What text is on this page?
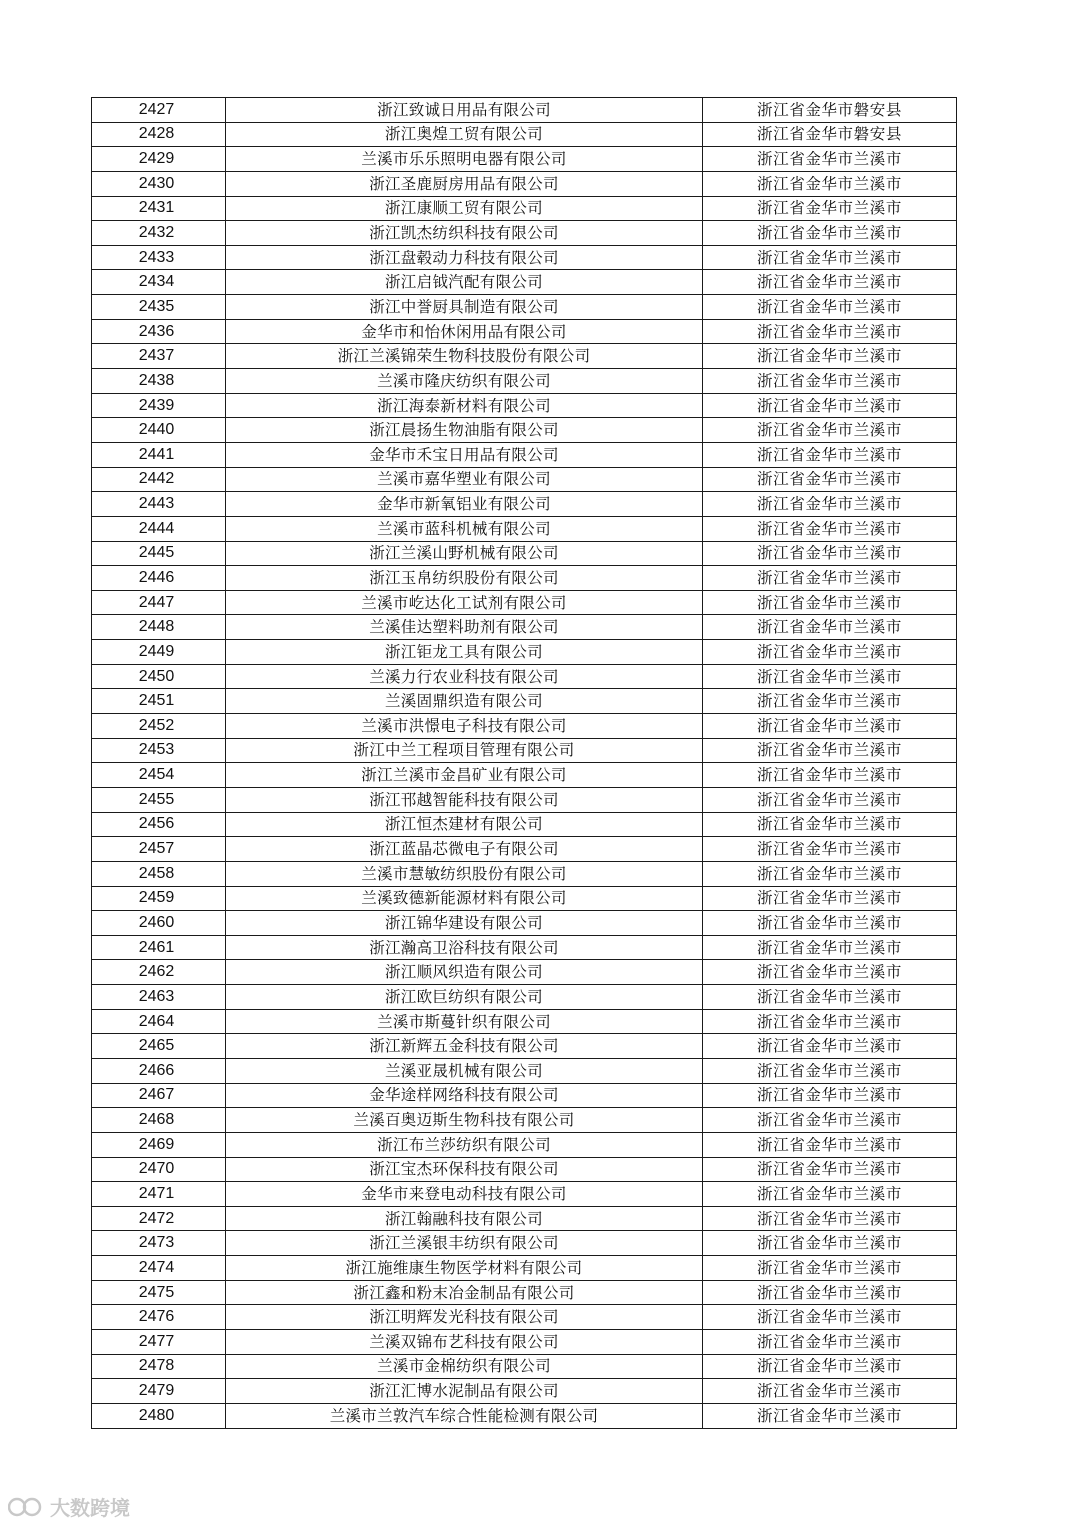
2427	浙江致诚日用品有限公司	浙江省金华市磐安县
2428	浙江奥煌工贸有限公司	浙江省金华市磐安县
2429	兰溪市乐乐照明电器有限公司	浙江省金华市兰溪市
2430	浙江圣鹿厨房用品有限公司	浙江省金华市兰溪市
2431	浙江康顺工贸有限公司	浙江省金华市兰溪市
2432	浙江凯杰纺织科技有限公司	浙江省金华市兰溪市
2433	浙江盘毂动力科技有限公司	浙江省金华市兰溪市
2434	浙江启钺汽配有限公司	浙江省金华市兰溪市
2435	浙江中誉厨具制造有限公司	浙江省金华市兰溪市
2436	金华市和怡休闲用品有限公司	浙江省金华市兰溪市
2437	浙江兰溪锦荣生物科技股份有限公司	浙江省金华市兰溪市
2438	兰溪市隆庆纺织有限公司	浙江省金华市兰溪市
2439	浙江海泰新材料有限公司	浙江省金华市兰溪市
2440	浙江晨扬生物油脂有限公司	浙江省金华市兰溪市
2441	金华市禾宝日用品有限公司	浙江省金华市兰溪市
2442	兰溪市嘉华塑业有限公司	浙江省金华市兰溪市
2443	金华市新氧铝业有限公司	浙江省金华市兰溪市
2444	兰溪市蓝科机械有限公司	浙江省金华市兰溪市
2445	浙江兰溪山野机械有限公司	浙江省金华市兰溪市
2446	浙江玉帛纺织股份有限公司	浙江省金华市兰溪市
2447	兰溪市屹达化工试剂有限公司	浙江省金华市兰溪市
2448	兰溪佳达塑料助剂有限公司	浙江省金华市兰溪市
2449	浙江钜龙工具有限公司	浙江省金华市兰溪市
2450	兰溪力行农业科技有限公司	浙江省金华市兰溪市
2451	兰溪固鼎织造有限公司	浙江省金华市兰溪市
2452	兰溪市洪憬电子科技有限公司	浙江省金华市兰溪市
2453	浙江中兰工程项目管理有限公司	浙江省金华市兰溪市
2454	浙江兰溪市金昌矿业有限公司	浙江省金华市兰溪市
2455	浙江邗越智能科技有限公司	浙江省金华市兰溪市
2456	浙江恒杰建材有限公司	浙江省金华市兰溪市
2457	浙江蓝晶芯微电子有限公司	浙江省金华市兰溪市
2458	兰溪市慧敏纺织股份有限公司	浙江省金华市兰溪市
2459	兰溪致德新能源材料有限公司	浙江省金华市兰溪市
2460	浙江锦华建设有限公司	浙江省金华市兰溪市
2461	浙江瀚高卫浴科技有限公司	浙江省金华市兰溪市
2462	浙江顺风织造有限公司	浙江省金华市兰溪市
2463	浙江欧巨纺织有限公司	浙江省金华市兰溪市
2464	兰溪市斯蔓针织有限公司	浙江省金华市兰溪市
2465	浙江新辉五金科技有限公司	浙江省金华市兰溪市
2466	兰溪亚晟机械有限公司	浙江省金华市兰溪市
2467	金华途样网络科技有限公司	浙江省金华市兰溪市
2468	兰溪百奥迈斯生物科技有限公司	浙江省金华市兰溪市
2469	浙江布兰莎纺织有限公司	浙江省金华市兰溪市
2470	浙江宝杰环保科技有限公司	浙江省金华市兰溪市
2471	金华市来登电动科技有限公司	浙江省金华市兰溪市
2472	浙江翰融科技有限公司	浙江省金华市兰溪市
2473	浙江兰溪银丰纺织有限公司	浙江省金华市兰溪市
2474	浙江施维康生物医学材料有限公司	浙江省金华市兰溪市
2475	浙江鑫和粉末冶金制品有限公司	浙江省金华市兰溪市
2476	浙江明辉发光科技有限公司	浙江省金华市兰溪市
2477	兰溪双锦布艺科技有限公司	浙江省金华市兰溪市
2478	兰溪市金棉纺织有限公司	浙江省金华市兰溪市
2479	浙江汇博水泥制品有限公司	浙江省金华市兰溪市
2480	兰溪市兰敦汽车综合性能检测有限公司	浙江省金华市兰溪市
大数跨境
